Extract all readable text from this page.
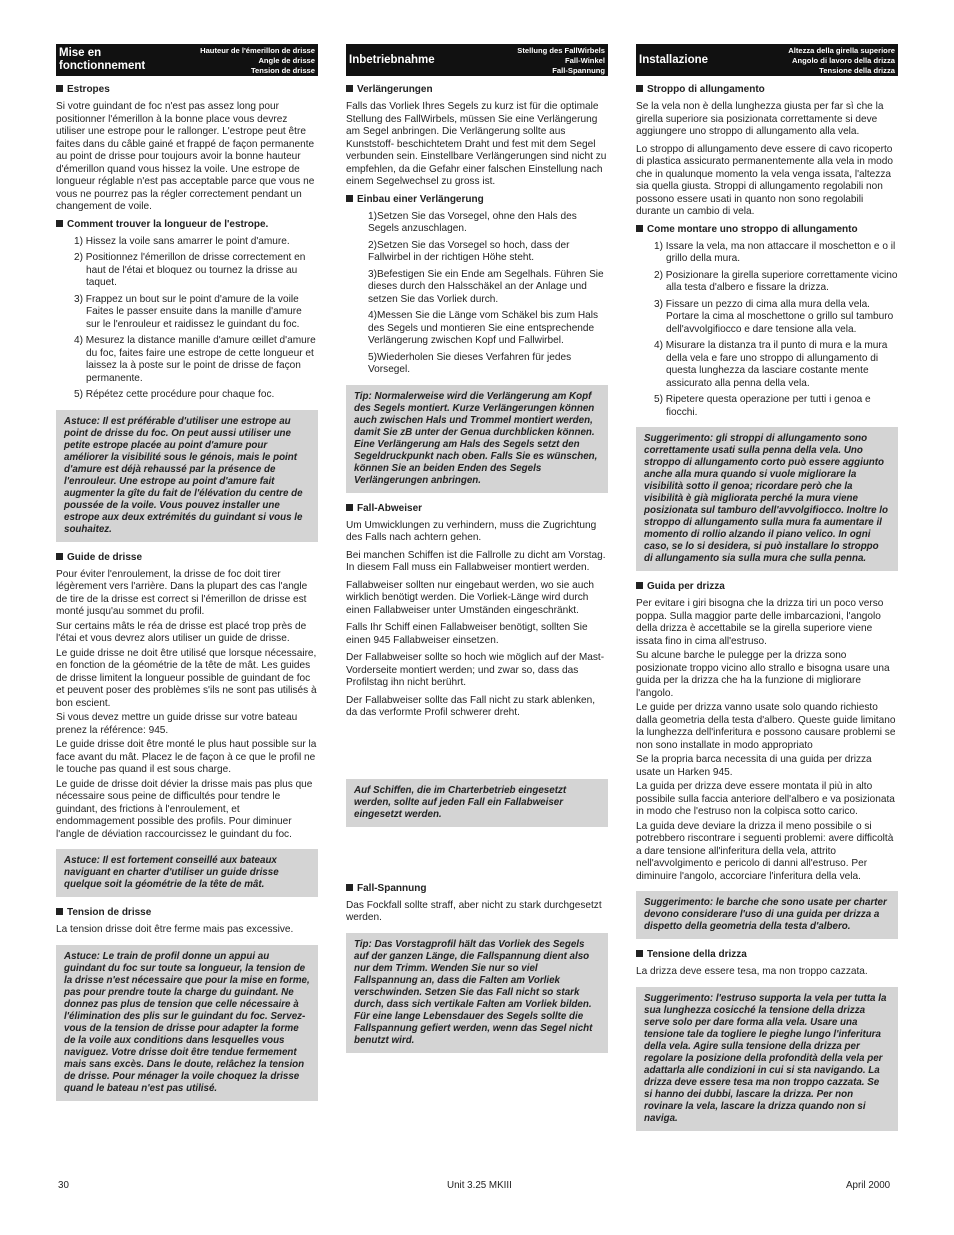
Mise en
fonctionnement
Hauteur de l'émerillon de drisse
Angle de drisse
Tension de drisse
Estropes

Si votre guindant de foc n'est pas assez long pour positionner l'émerillon à la bonne place vous devrez utiliser une estrope pour le rallonger. L'estrope peut être faites dans du câble gainé et frappé de façon permanente au point de drisse pour toujours avoir la bonne hauteur d'émerillon quand vous hissez la voile. Une estrope de longueur réglable n'est pas acceptable parce que vous ne vous ne pourrez pas la régler correctement pendant un changement de voile.

Comment trouver la longueur de l'estrope.
1) Hissez la voile sans amarrer le point d'amure.
2) Positionnez l'émerillon de drisse correctement en haut de l'étai et bloquez ou tournez la drisse au taquet.
3) Frappez un bout sur le point d'amure de la voile Faites le passer ensuite dans la manille d'amure sur le l'enrouleur et raidissez le guindant du foc.
4) Mesurez la distance manille d'amure œillet d'amure du foc, faites faire une estrope de cette longueur et laissez la à poste sur le point de drisse de façon permanente.
5) Répétez cette procédure pour chaque foc.
Astuce: Il est préférable d'utiliser une estrope au point de drisse du foc. On peut aussi utiliser une petite estrope placée au point d'amure pour améliorer la visibilité sous le génois, mais le point d'amure est déjà rehaussé par la présence de l'enrouleur. Une estrope au point d'amure fait augmenter la gîte du fait de l'élévation du centre de poussée de la voile. Vous pouvez installer une estrope aux deux extrémités du guindant si vous le souhaitez.
Guide de drisse

Pour éviter l'enroulement, la drisse de foc doit tirer légèrement vers l'arrière. Dans la plupart des cas l'angle de tire de la drisse est correct si l'émerillon de drisse est monté jusqu'au sommet du profil.

Sur certains mâts le réa de drisse est placé trop près de l'étai et vous devrez alors utiliser un guide de drisse.

Le guide drisse ne doit être utilisé que lorsque nécessaire, en fonction de la géométrie de la tête de mât. Les guides de drisse limitent la longueur possible de guindant de foc et peuvent poser des problèmes s'ils ne sont pas utilisés à bon escient.

Si vous devez mettre un guide drisse sur votre bateau prenez la référence: 945.

Le guide drisse doit être monté le plus haut possible sur la face avant du mât. Placez le de façon à ce que le profil ne le touche pas quand il est sous charge.

Le guide de drisse doit dévier la drisse mais pas plus que nécessaire sous peine de difficultés pour tendre le guindant, des frictions à l'enroulement, et endommagement possible des profils. Pour diminuer l'angle de déviation raccourcissez le guindant du foc.

Astuce: Il est fortement conseillé aux bateaux naviguant en charter d'utiliser un guide drisse quelque soit la géométrie de la tête de mât.
Tension de drisse

La tension drisse doit être ferme mais pas excessive.

Astuce: Le train de profil donne un appui au guindant du foc sur toute sa longueur, la tension de la drisse n'est nécessaire que pour la mise en forme, pas pour prendre toute la charge du guindant. Ne donnez pas plus de tension que celle nécessaire à l'élimination des plis sur le guindant du foc. Servez-vous de la tension de drisse pour adapter la forme de la voile aux conditions dans lesquelles vous naviguez. Votre drisse doit être tendue fermement mais sans excès. Dans le doute, relâchez la tension de drisse. Pour ménager la voile choquez la drisse quand le bateau n'est pas utilisé.
Inbetriebnahme
Stellung des FallWirbels
Fall-Winkel
Fall-Spannung
Verlängerungen

Falls das Vorliek Ihres Segels zu kurz ist für die optimale Stellung des FallWirbels, müssen Sie eine Verlängerung am Segel anbringen. Die Verlängerung sollte aus Kunststoff- beschichtetem Draht und fest mit dem Segel verbunden sein. Einstellbare Verlängerungen sind nicht zu empfehlen, da die Gefahr einer falschen Einstellung nach einem Segelwechsel zu gross ist.

Einbau einer Verlängerung
1)Setzen Sie das Vorsegel, ohne den Hals des Segels anzuschlagen.
2)Setzen Sie das Vorsegel so hoch, dass der Fallwirbel in der richtigen Höhe steht.
3)Befestigen Sie ein Ende am Segelhals. Führen Sie dieses durch den Halsschäkel an der Anlage und setzen Sie das Vorliek durch.
4)Messen Sie die Länge vom Schäkel bis zum Hals des Segels und montieren Sie eine entsprechende Verlängerung zwischen Kopf und Fallwirbel.
5)Wiederholen Sie dieses Verfahren für jedes Vorsegel.
Tip: Normalerweise wird die Verlängerung am Kopf des Segels montiert. Kurze Verlängerungen können auch zwischen Hals und Trommel montiert werden, damit Sie zB unter der Genua durchblicken können. Eine Verlängerung am Hals des Segels setzt den Segeldruckpunkt nach oben. Falls Sie es wünschen, können Sie an beiden Enden des Segels Verlängerungen anbringen.
Fall-Abweiser

Um Umwicklungen zu verhindern, muss die Zugrichtung des Falls nach achtern gehen.

Bei manchen Schiffen ist die Fallrolle zu dicht am Vorstag. In diesem Fall muss ein Fallabweiser montiert werden.

Fallabweiser sollten nur eingebaut werden, wo sie auch wirklich benötigt werden. Die Vorliek-Länge wird durch einen Fallabweiser unter Umständen eingeschränkt.

Falls Ihr Schiff einen Fallabweiser benötigt, sollten Sie einen 945 Fallabweiser einsetzen.

Der Fallabweiser sollte so hoch wie möglich auf der Mast-Vorderseite montiert werden; und zwar so, dass das Profilstag ihn nicht berührt.

Der Fallabweiser sollte das Fall nicht zu stark ablenken, da das verformte Profil schwerer dreht.

Auf Schiffen, die im Charterbetrieb eingesetzt werden, sollte auf jeden Fall ein Fallabweiser eingesetzt werden.
Fall-Spannung

Das Fockfall sollte straff, aber nicht zu stark durchgesetzt werden.

Tip: Das Vorstagprofil hält das Vorliek des Segels auf der ganzen Länge, die Fallspannung dient also nur dem Trimm. Wenden Sie nur so viel Fallspannung an, dass die Falten am Vorliek verschwinden. Setzen Sie das Fall nicht so stark durch, dass sich vertikale Falten am Vorliek bilden. Für eine lange Lebensdauer des Segels sollte die Fallspannung gefiert werden, wenn das Segel nicht benutzt wird.
Installazione
Altezza della girella superiore
Angolo di lavoro della drizza
Tensione della drizza
Stroppo di allungamento

Se la vela non è della lunghezza giusta per far sì che la girella superiore sia posizionata correttamente si deve aggiungere uno stroppo di allungamento alla vela.

Lo stroppo di allungamento deve essere di cavo ricoperto di plastica assicurato permanentemente alla vela in modo che in qualunque momento la vela venga issata, l'altezza sia quella giusta. Stroppi di allungamento regolabili non possono essere usati in quanto non sono regolabili durante un cambio di vela.

Come montare uno stroppo di allungamento
1) Issare la vela, ma non attaccare il moschetton e o il grillo della mura.
2) Posizionare la girella superiore correttamente vicino alla testa d'albero e fissare la drizza.
3) Fissare un pezzo di cima alla mura della vela. Portare la cima al moschettone o grillo sul tamburo dell'avvolgifiocco e dare tensione alla vela.
4) Misurare la distanza tra il punto di mura e la mura della vela e fare uno stroppo di allungamento di questa lunghezza da lasciare costante mente assicurato alla penna della vela.
5) Ripetere questa operazione per tutti i genoa e fiocchi.
Suggerimento: gli stroppi di allungamento sono correttamente usati sulla penna della vela. Uno stroppo di allungamento corto può essere aggiunto anche alla mura quando si vuole migliorare la visibilità sotto il genoa; ricordare però che la visibilità è già migliorata perché la mura viene posizionata sul tamburo dell'avvolgifiocco. Inoltre lo stroppo di allungamento sulla mura fa aumentare il momento di rollio alzando il piano velico. In ogni caso, se lo si desidera, si può installare lo stroppo di allungamento sia sulla mura che sulla penna.
Guida per drizza

Per evitare i giri bisogna che la drizza tiri un poco verso poppa. Sulla maggior parte delle imbarcazioni, l'angolo della drizza è accettabile se la girella superiore viene issata fino in cima all'estruso.

Su alcune barche le pulegge per la drizza sono posizionate troppo vicino allo strallo e bisogna usare una guida per la drizza che ha la funzione di migliorare l'angolo.

Le guide per drizza vanno usate solo quando richiesto dalla geometria della testa d'albero. Queste guide limitano la lunghezza dell'inferitura e possono causare problemi se non sono installate in modo appropriato

Se la propria barca necessita di una guida per drizza usate un Harken 945.

La guida per drizza deve essere montata il più in alto possibile sulla faccia anteriore dell'albero e va posizionata in modo che l'estruso non la colpisca sotto carico.

La guida deve deviare la drizza il meno possibile o si potrebbero riscontrare i seguenti problemi: avere difficoltà a dare tensione all'inferitura della vela, attrito nell'avvolgimento e pericolo di danni all'estruso. Per diminuire l'angolo, accorciare l'inferitura della vela.

Suggerimento: le barche che sono usate per charter devono considerare l'uso di una guida per drizza a dispetto della geometria della testa d'albero.
Tensione della drizza

La drizza deve essere tesa, ma non troppo cazzata.

Suggerimento: l'estruso supporta la vela per tutta la sua lunghezza cosicché la tensione della drizza serve solo per dare forma alla vela. Usare una tensione tale da togliere le pieghe lungo l'inferitura della vela. Agire sulla tensione della drizza per regolare la posizione della profondità della vela per adattarla alle condizioni in cui si sta navigando. La drizza deve essere tesa ma non troppo cazzata. Se si hanno dei dubbi, lascare la drizza. Per non rovinare la vela, lascare la drizza quando non si naviga.
30	Unit 3.25 MKIII	April 2000
